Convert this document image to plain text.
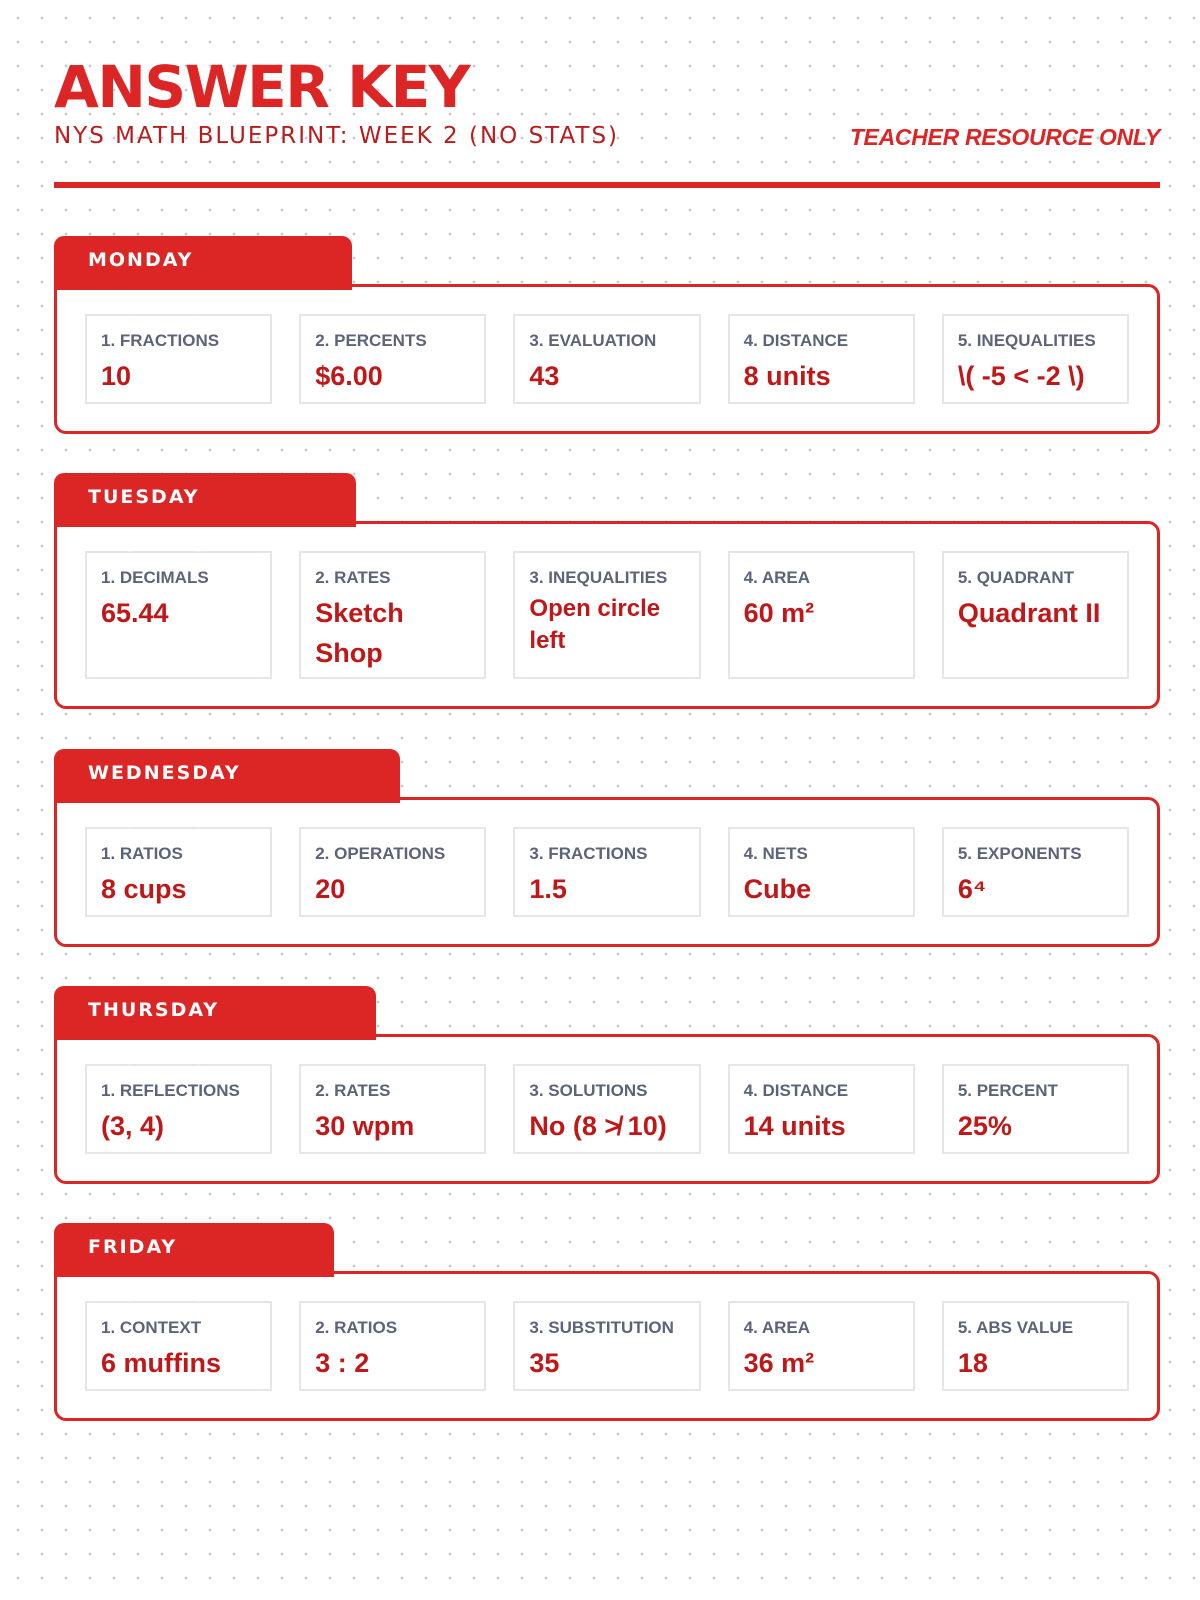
ANSWER KEY
NYS MATH BLUEPRINT: WEEK 2 (NO STATS)	TEACHER RESOURCE ONLY
MONDAY ANSWERS
1. FRACTIONS
10
2. PERCENTS
$6.00
3. EVALUATION
43
4. DISTANCE
8 units
5. INEQUALITIES
\( -5 < -2 \)
TUESDAY ANSWERS
1. DECIMALS
65.44
2. RATES
Sketch Shop
3. INEQUALITIES
Open circle left
4. AREA
60 m²
5. QUADRANT
Quadrant II
WEDNESDAY ANSWERS
1. RATIOS
8 cups
2. OPERATIONS
20
3. FRACTIONS
1.5
4. NETS
Cube
5. EXPONENTS
6⁴
THURSDAY ANSWERS
1. REFLECTIONS
(3, 4)
2. RATES
30 wpm
3. SOLUTIONS
No (8 ≯ 10)
4. DISTANCE
14 units
5. PERCENT
25%
FRIDAY ANSWERS
1. CONTEXT
6 muffins
2. RATIOS
3 : 2
3. SUBSTITUTION
35
4. AREA
36 m²
5. ABS VALUE
18
